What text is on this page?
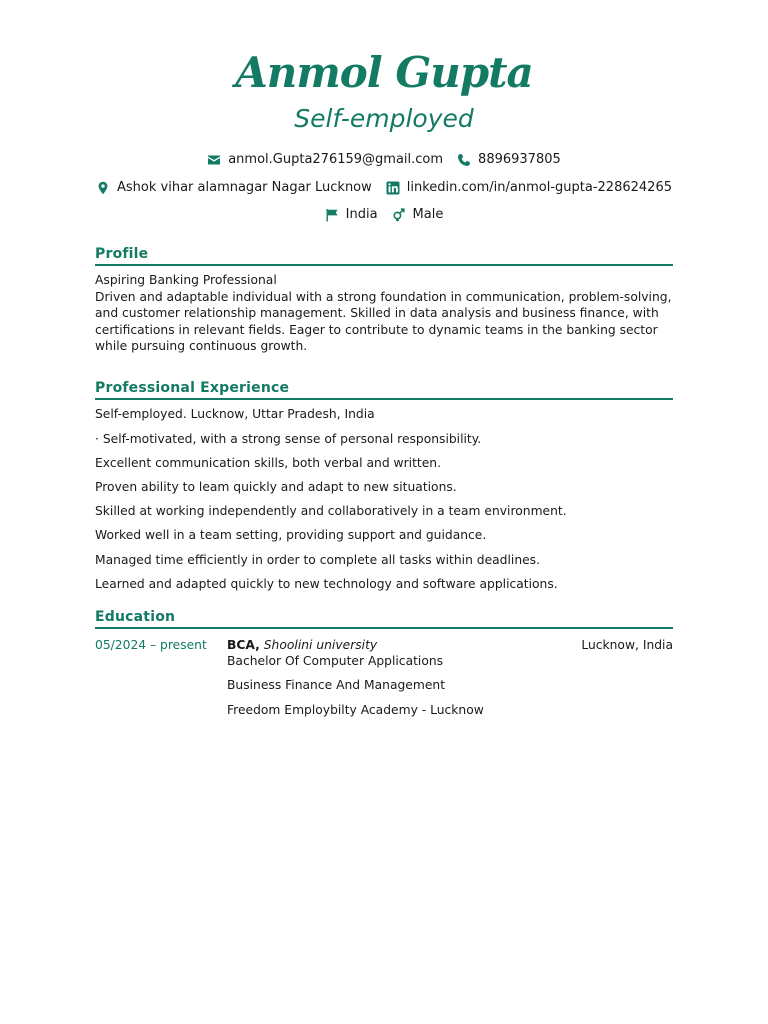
Anmol Gupta
Self-employed
anmol.Gupta276159@gmail.com	8896937805
Ashok vihar alamnagar Nagar Lucknow	linkedin.com/in/anmol-gupta-228624265
India	Male
Profile
Aspiring Banking Professional
Driven and adaptable individual with a strong foundation in communication, problem-solving, and customer relationship management. Skilled in data analysis and business finance, with certifications in relevant fields. Eager to contribute to dynamic teams in the banking sector while pursuing continuous growth.
Professional Experience
Self-employed. Lucknow, Uttar Pradesh, India
· Self-motivated, with a strong sense of personal responsibility.
Excellent communication skills, both verbal and written.
Proven ability to leam quickly and adapt to new situations.
Skilled at working independently and collaboratively in a team environment.
Worked well in a team setting, providing support and guidance.
Managed time efficiently in order to complete all tasks within deadlines.
Learned and adapted quickly to new technology and software applications.
Education
05/2024 – present BCA, Shoolini university	Lucknow, India
Bachelor Of Computer Applications
Business Finance And Management
Freedom Employbilty Academy - Lucknow
